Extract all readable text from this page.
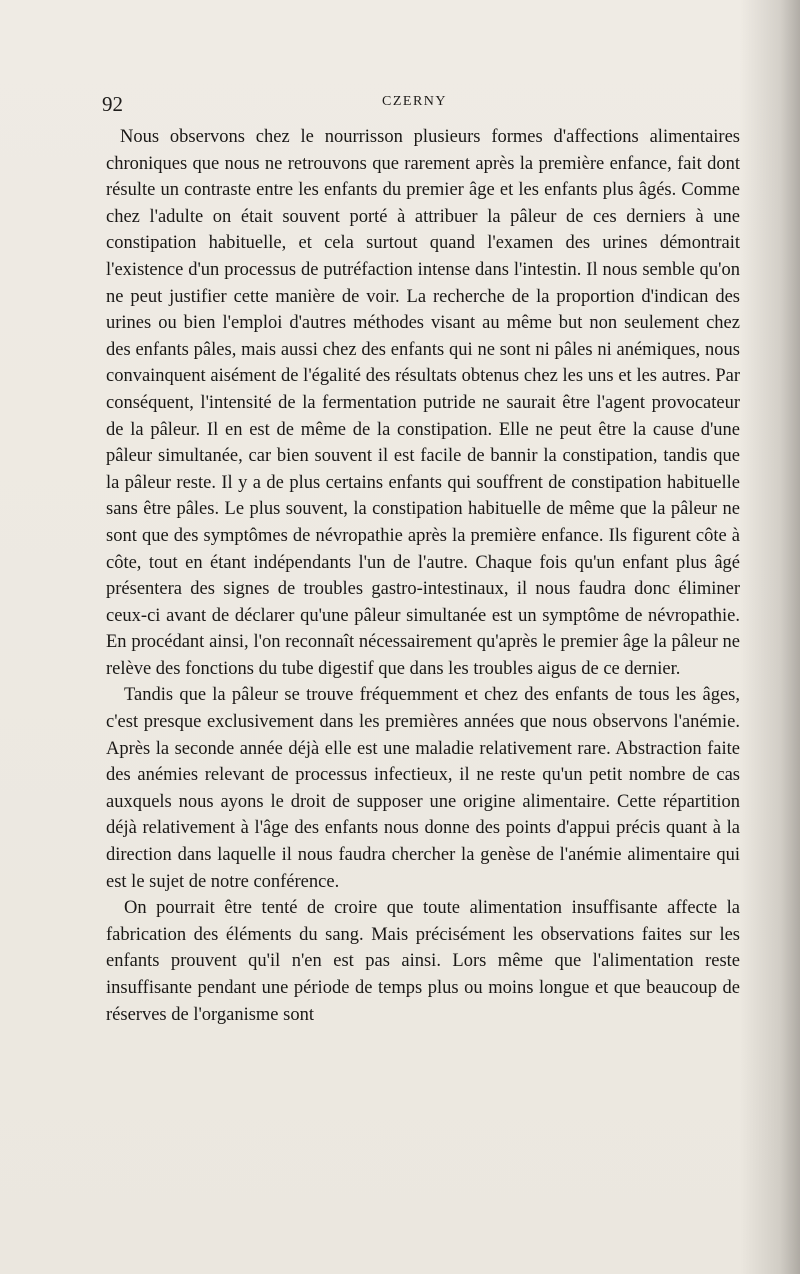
92	CZERNY

Nous observons chez le nourrisson plusieurs formes d'affections alimentaires chroniques que nous ne retrouvons que rarement après la première enfance, fait dont résulte un contraste entre les enfants du premier âge et les enfants plus âgés. Comme chez l'adulte on était souvent porté à attribuer la pâleur de ces derniers à une constipation habituelle, et cela surtout quand l'examen des urines démontrait l'existence d'un processus de putréfaction intense dans l'intestin. Il nous semble qu'on ne peut justifier cette manière de voir. La recherche de la proportion d'indican des urines ou bien l'emploi d'autres méthodes visant au même but non seulement chez des enfants pâles, mais aussi chez des enfants qui ne sont ni pâles ni anémiques, nous convainquent aisément de l'égalité des résultats obtenus chez les uns et les autres. Par conséquent, l'intensité de la fermentation putride ne saurait être l'agent provocateur de la pâleur. Il en est de même de la constipation. Elle ne peut être la cause d'une pâleur simultanée, car bien souvent il est facile de bannir la constipation, tandis que la pâleur reste. Il y a de plus certains enfants qui souffrent de constipation habituelle sans être pâles. Le plus souvent, la constipation habituelle de même que la pâleur ne sont que des symptômes de névropathie après la première enfance. Ils figurent côte à côte, tout en étant indépendants l'un de l'autre. Chaque fois qu'un enfant plus âgé présentera des signes de troubles gastro-intestinaux, il nous faudra donc éliminer ceux-ci avant de déclarer qu'une pâleur simultanée est un symptôme de névropathie. En procédant ainsi, l'on reconnaît nécessairement qu'après le premier âge la pâleur ne relève des fonctions du tube digestif que dans les troubles aigus de ce dernier.

Tandis que la pâleur se trouve fréquemment et chez des enfants de tous les âges, c'est presque exclusivement dans les premières années que nous observons l'anémie. Après la seconde année déjà elle est une maladie relativement rare. Abstraction faite des anémies relevant de processus infectieux, il ne reste qu'un petit nombre de cas auxquels nous ayons le droit de supposer une origine alimentaire. Cette répartition déjà relativement à l'âge des enfants nous donne des points d'appui précis quant à la direction dans laquelle il nous faudra chercher la genèse de l'anémie alimentaire qui est le sujet de notre conférence.

On pourrait être tenté de croire que toute alimentation insuffisante affecte la fabrication des éléments du sang. Mais précisément les observations faites sur les enfants prouvent qu'il n'en est pas ainsi. Lors même que l'alimentation reste insuffisante pendant une période de temps plus ou moins longue et que beaucoup de réserves de l'organisme sont
